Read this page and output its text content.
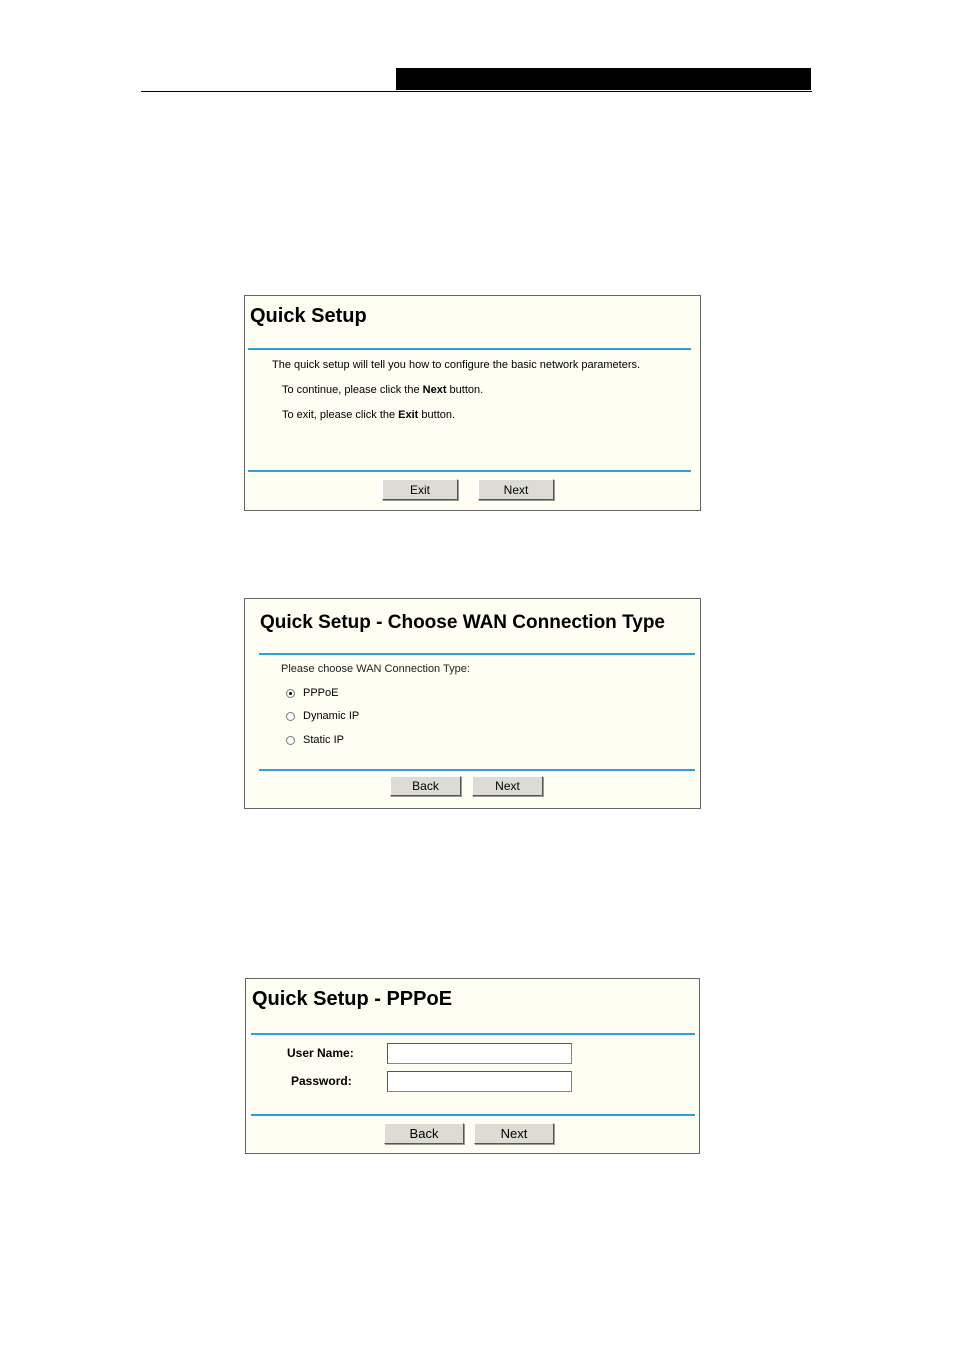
Quick Setup
The quick setup will tell you how to configure the basic network parameters.
To continue, please click the Next button.
To exit, please click the Exit button.
Exit	Next
Quick Setup - Choose WAN Connection Type
Please choose WAN Connection Type:
PPPoE
Dynamic IP
Static IP
Back	Next
Quick Setup - PPPoE
User Name:
Password:
Back	Next
